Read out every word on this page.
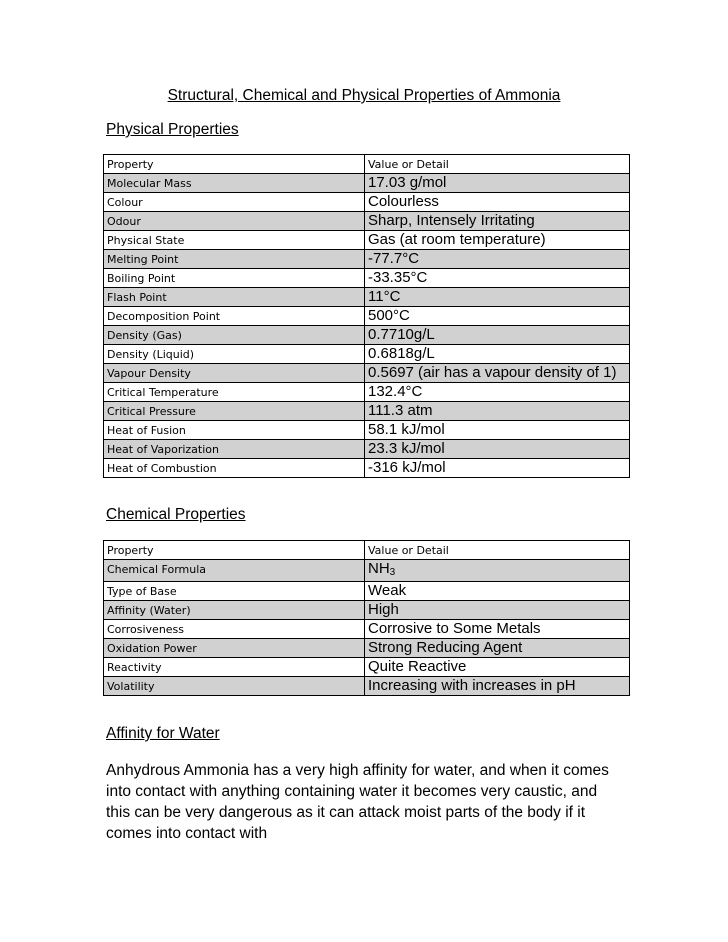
Structural, Chemical and Physical Properties of Ammonia
Physical Properties
Property	Value or Detail
Molecular Mass	17.03 g/mol
Colour	Colourless
Odour	Sharp, Intensely Irritating
Physical State	Gas (at room temperature)
Melting Point	-77.7°C
Boiling Point	-33.35°C
Flash Point	11°C
Decomposition Point	500°C
Density (Gas)	0.7710g/L
Density (Liquid)	0.6818g/L
Vapour Density	0.5697 (air has a vapour density of 1)
Critical Temperature	132.4°C
Critical Pressure	111.3 atm
Heat of Fusion	58.1 kJ/mol
Heat of Vaporization	23.3 kJ/mol
Heat of Combustion	-316 kJ/mol
Chemical Properties
Property	Value or Detail
Chemical Formula	$NH_3$
Type of Base	Weak
Affinity (Water)	High
Corrosiveness	Corrosive to Some Metals
Oxidation Power	Strong Reducing Agent
Reactivity	Quite Reactive
Volatility	Increasing with increases in pH
Affinity for Water
Anhydrous Ammonia has a very high affinity for water, and when it comes into contact with anything containing water it becomes very caustic, and this can be very dangerous as it can attack moist parts of the body if it comes into contact with
